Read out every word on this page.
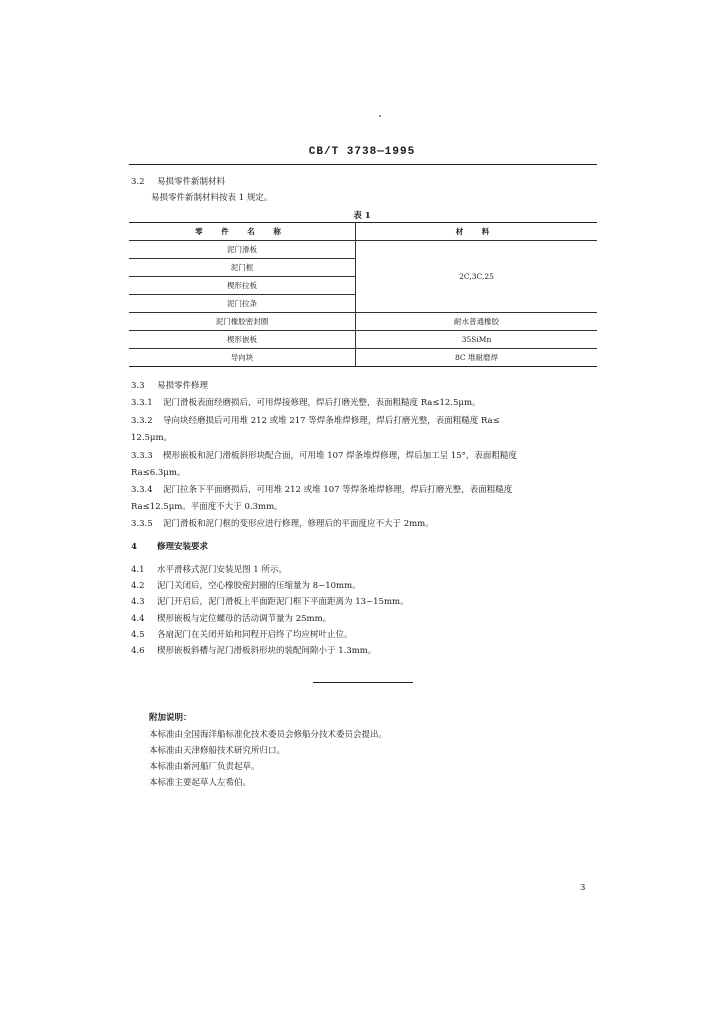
CB/T 3738—1995
3.2 易损零件新制材料
易损零件新制材料按表 1 规定。
表 1
零 件 名 称	材 料
泥门滑板	2C,3C,25
泥门框	
楔形拉板	
泥门拉条	
泥门橡胶密封圈	耐水普通橡胶
楔形嵌板	35SiMn
导向块	8C 堆耐磨焊
3.3 易损零件修理
3.3.1 泥门滑板表面经磨损后，可用焊接修理，焊后打磨光整，表面粗糙度 Ra≤12.5μm。
3.3.2 导向块经磨损后可用堆 212 或堆 217 等焊条堆焊修理，焊后打磨光整，表面粗糙度 Ra≤
12.5μm。
3.3.3 楔形嵌板和泥门滑板斜形块配合面，可用堆 107 焊条堆焊修理，焊后加工呈 15°，表面粗糙度
Ra≤6.3μm。
3.3.4 泥门拉条下平面磨损后，可用堆 212 或堆 107 等焊条堆焊修理，焊后打磨光整，表面粗糙度
Ra≤12.5μm。平面度不大于 0.3mm。
3.3.5 泥门滑板和泥门框的变形应进行修理，修理后的平面度应不大于 2mm。
4 修理安装要求
4.1 水平滑移式泥门安装见图 1 所示。
4.2 泥门关闭后，空心橡胶密封圈的压缩量为 8~10mm。
4.3 泥门开启后，泥门滑板上平面距泥门框下平面距离为 13~15mm。
4.4 楔形嵌板与定位螺母的活动调节量为 25mm。
4.5 各扇泥门在关闭开始和同程开启终了均应树叶止位。
4.6 楔形嵌板斜槽与泥门滑板斜形块的装配间隙小于 1.3mm。
附加说明：
本标准由全国海洋船标准化技术委员会修船分技术委员会提出。
本标准由天津修船技术研究所归口。
本标准由新河船厂负责起草。
本标准主要起草人左希伯。
3
